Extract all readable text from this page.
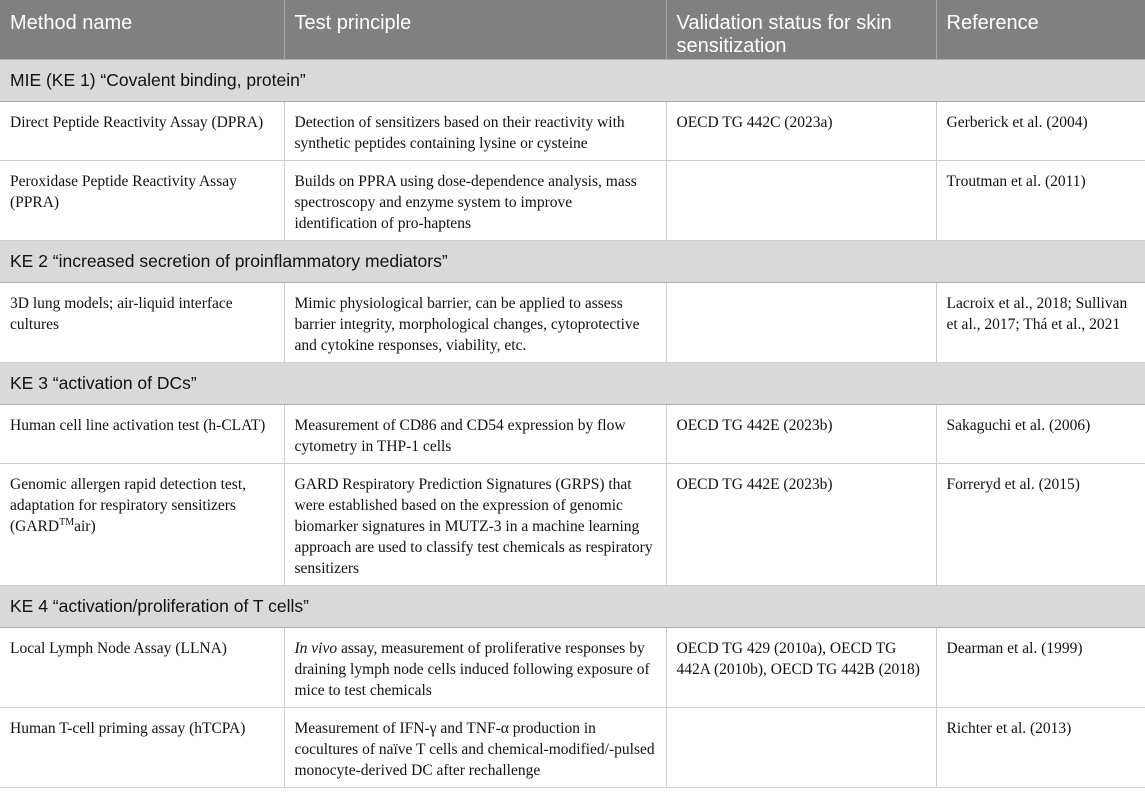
Method name	Test principle	Validation status for skin sensitization	Reference
MIE (KE 1) “Covalent binding, protein”			
Direct Peptide Reactivity Assay (DPRA)	Detection of sensitizers based on their reactivity with synthetic peptides containing lysine or cysteine	OECD TG 442C (2023a)	Gerberick et al. (2004)
Peroxidase Peptide Reactivity Assay (PPRA)	Builds on PPRA using dose-dependence analysis, mass spectroscopy and enzyme system to improve identification of pro-haptens		Troutman et al. (2011)
KE 2 “increased secretion of proinflammatory mediators”			
3D lung models; air-liquid interface cultures	Mimic physiological barrier, can be applied to assess barrier integrity, morphological changes, cytoprotective and cytokine responses, viability, etc.		Lacroix et al., 2018; Sullivan et al., 2017; Thá et al., 2021
KE 3 “activation of DCs”			
Human cell line activation test (h-CLAT)	Measurement of CD86 and CD54 expression by flow cytometry in THP-1 cells	OECD TG 442E (2023b)	Sakaguchi et al. (2006)
Genomic allergen rapid detection test, adaptation for respiratory sensitizers (GARD™air)	GARD Respiratory Prediction Signatures (GRPS) that were established based on the expression of genomic biomarker signatures in MUTZ-3 in a machine learning approach are used to classify test chemicals as respiratory sensitizers	OECD TG 442E (2023b)	Forreryd et al. (2015)
KE 4 “activation/proliferation of T cells”			
Local Lymph Node Assay (LLNA)	In vivo assay, measurement of proliferative responses by draining lymph node cells induced following exposure of mice to test chemicals	OECD TG 429 (2010a), OECD TG 442A (2010b), OECD TG 442B (2018)	Dearman et al. (1999)
Human T-cell priming assay (hTCPA)	Measurement of IFN-γ and TNF-α production in cocultures of naïve T cells and chemical-modified/-pulsed monocyte-derived DC after rechallenge		Richter et al. (2013)
